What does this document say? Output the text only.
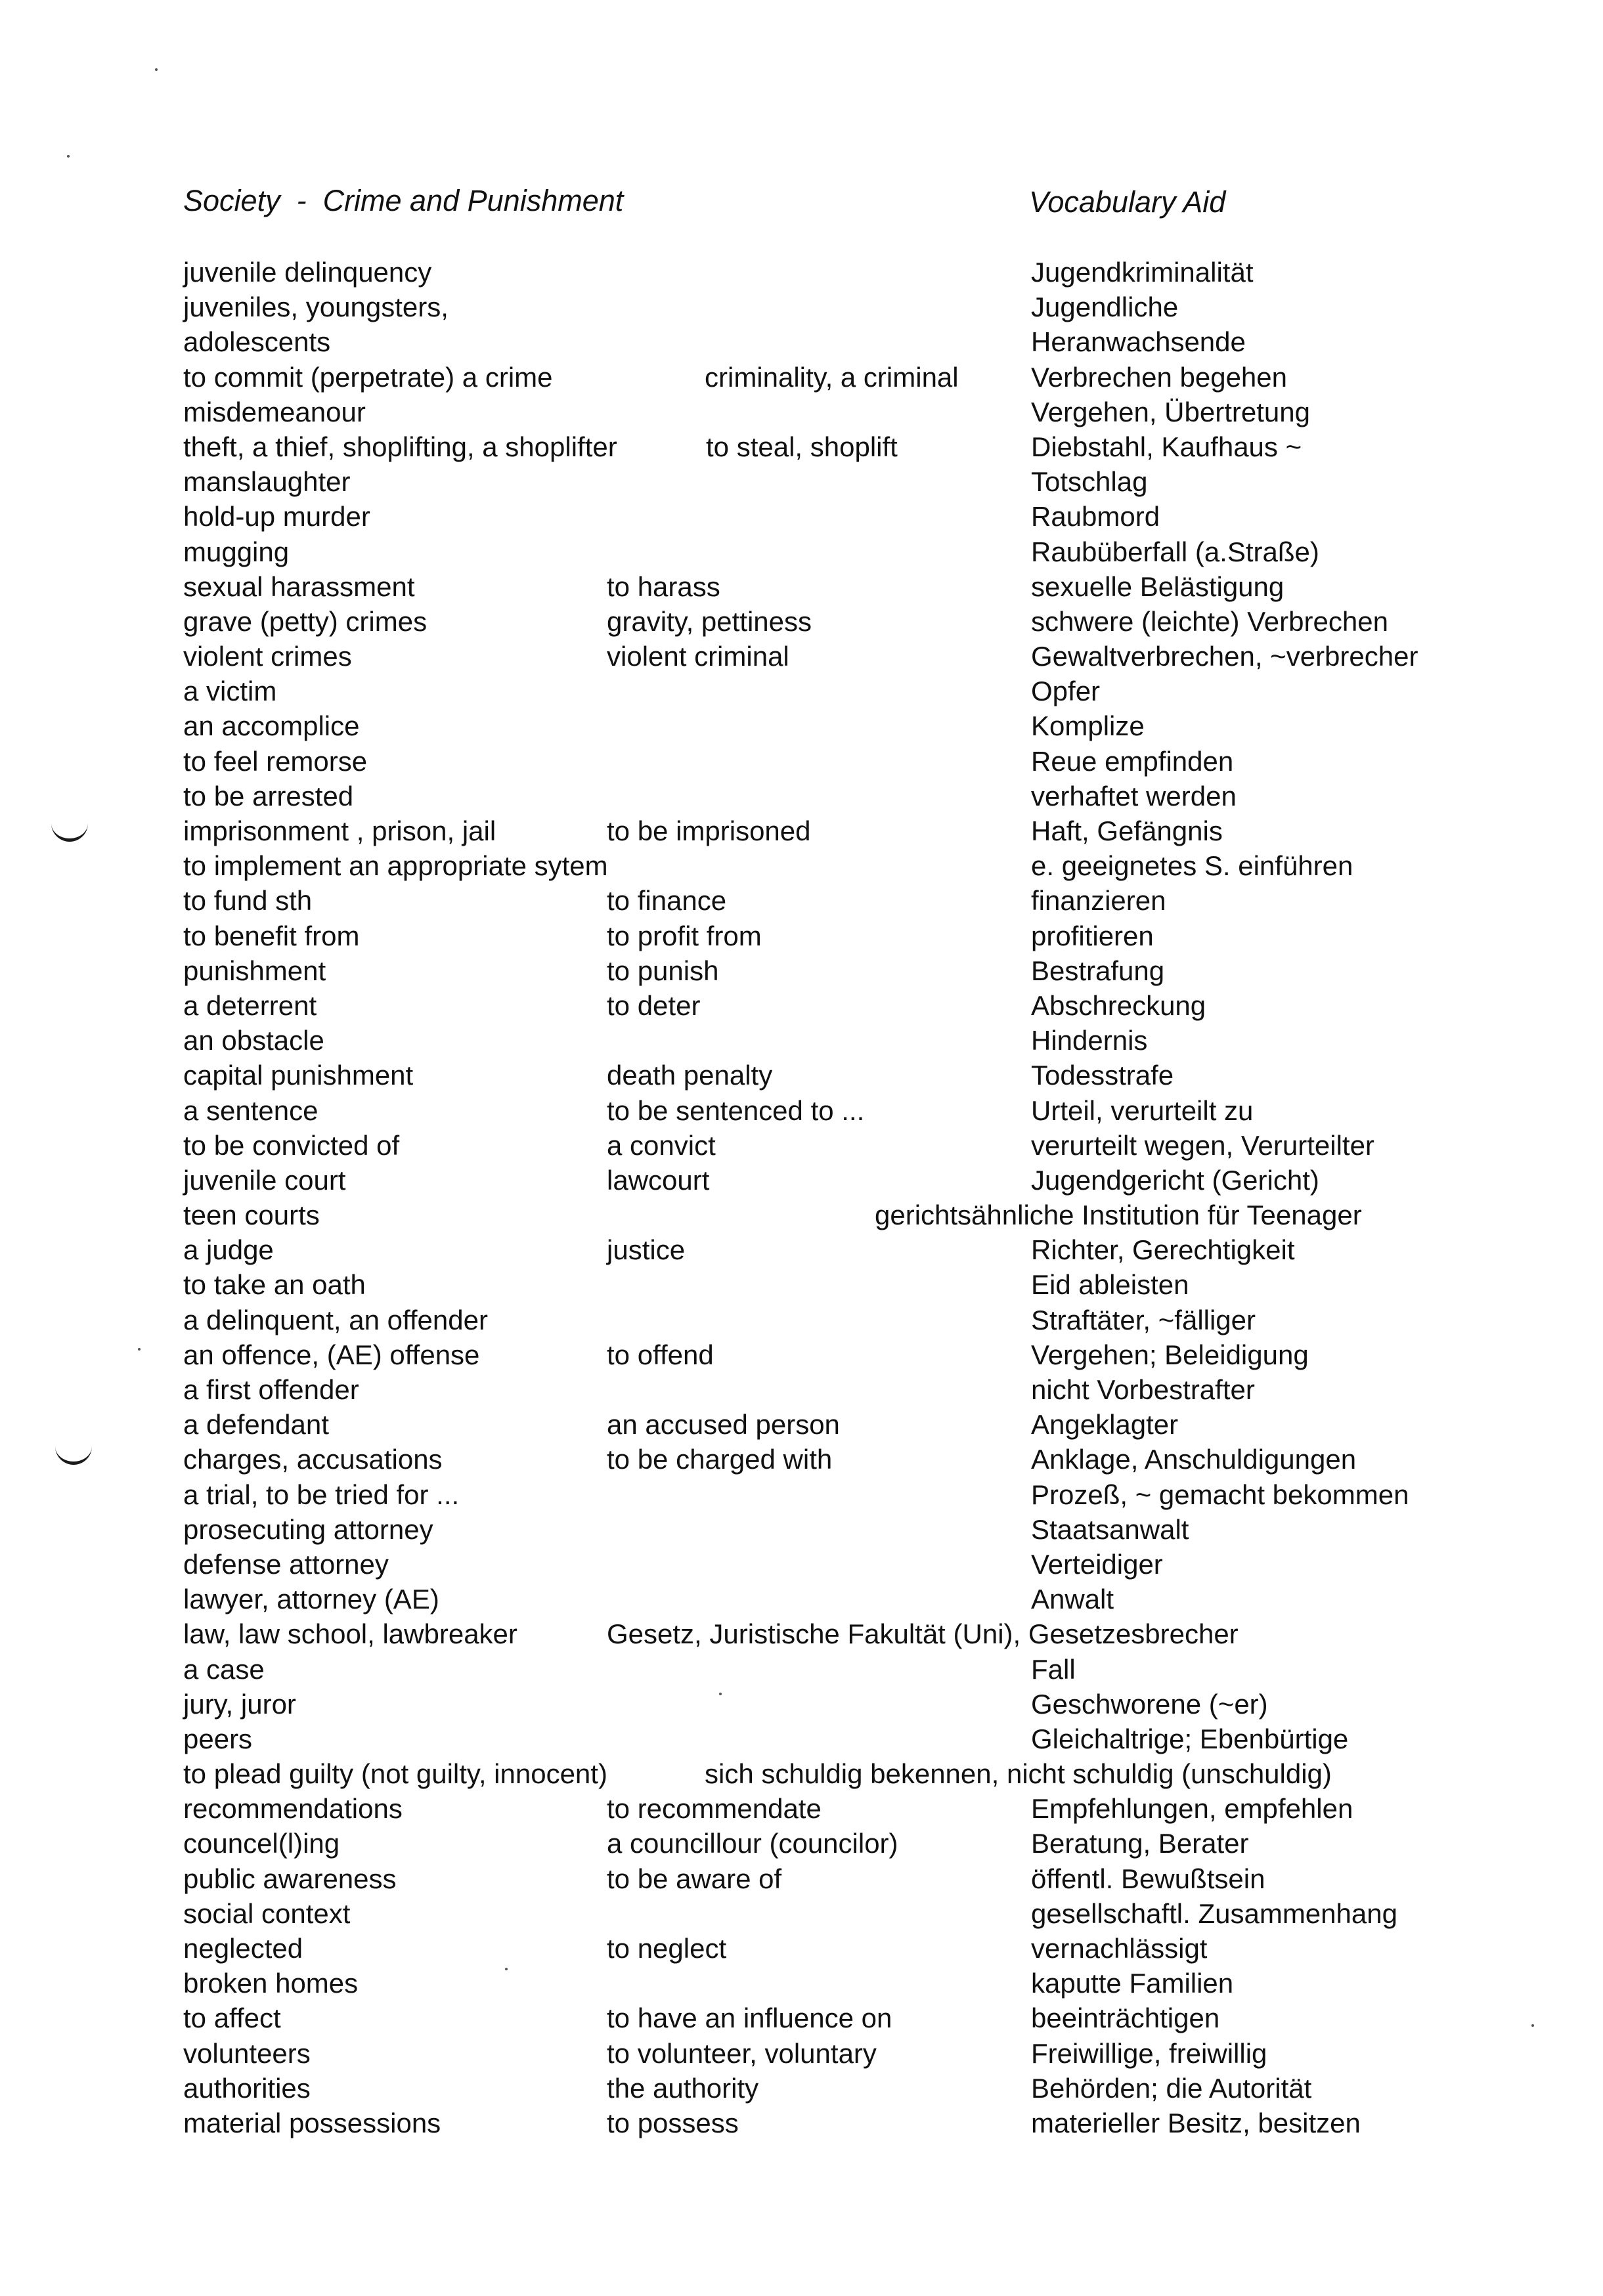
Society  -  Crime and Punishment	Vocabulary Aid
juvenile delinquency	Jugendkriminalität
juveniles, youngsters,	Jugendliche
adolescents	Heranwachsende
to commit (perpetrate) a crime	criminality, a criminal	Verbrechen begehen
misdemeanour	Vergehen, Übertretung
theft, a thief, shoplifting, a shoplifter	to steal, shoplift	Diebstahl, Kaufhaus ~
manslaughter	Totschlag
hold-up murder	Raubmord
mugging	Raubüberfall (a.Straße)
sexual harassment	to harass	sexuelle Belästigung
grave (petty) crimes	gravity, pettiness	schwere (leichte) Verbrechen
violent crimes	violent criminal	Gewaltverbrechen, ~verbrecher
a victim	Opfer
an accomplice	Komplize
to feel remorse	Reue empfinden
to be arrested	verhaftet werden
imprisonment , prison, jail	to be imprisoned	Haft, Gefängnis
to implement an appropriate sytem	e. geeignetes S. einführen
to fund sth	to finance	finanzieren
to benefit from	to profit from	profitieren
punishment	to punish	Bestrafung
a deterrent	to deter	Abschreckung
an obstacle	Hindernis
capital punishment	death penalty	Todesstrafe
a sentence	to be sentenced to ...	Urteil, verurteilt zu
to be convicted of	a convict	verurteilt wegen, Verurteilter
juvenile court	lawcourt	Jugendgericht (Gericht)
teen courts	gerichtsähnliche Institution für Teenager
a judge	justice	Richter, Gerechtigkeit
to take an oath	Eid ableisten
a delinquent, an offender	Straftäter, ~fälliger
an offence, (AE) offense	to offend	Vergehen; Beleidigung
a first offender	nicht Vorbestrafter
a defendant	an accused person	Angeklagter
charges, accusations	to be charged with	Anklage, Anschuldigungen
a trial, to be tried for ...	Prozeß, ~ gemacht bekommen
prosecuting attorney	Staatsanwalt
defense attorney	Verteidiger
lawyer, attorney (AE)	Anwalt
law, law school, lawbreaker	Gesetz, Juristische Fakultät (Uni), Gesetzesbrecher
a case	Fall
jury, juror	Geschworene (~er)
peers	Gleichaltrige; Ebenbürtige
to plead guilty (not guilty, innocent)	sich schuldig bekennen, nicht schuldig (unschuldig)
recommendations	to recommendate	Empfehlungen, empfehlen
councel(l)ing	a councillour (councilor)	Beratung, Berater
public awareness	to be aware of	öffentl. Bewußtsein
social context	gesellschaftl. Zusammenhang
neglected	to neglect	vernachlässigt
broken homes	kaputte Familien
to affect	to have an influence on	beeinträchtigen
volunteers	to volunteer, voluntary	Freiwillige, freiwillig
authorities	the authority	Behörden; die Autorität
material possessions	to possess	materieller Besitz, besitzen
